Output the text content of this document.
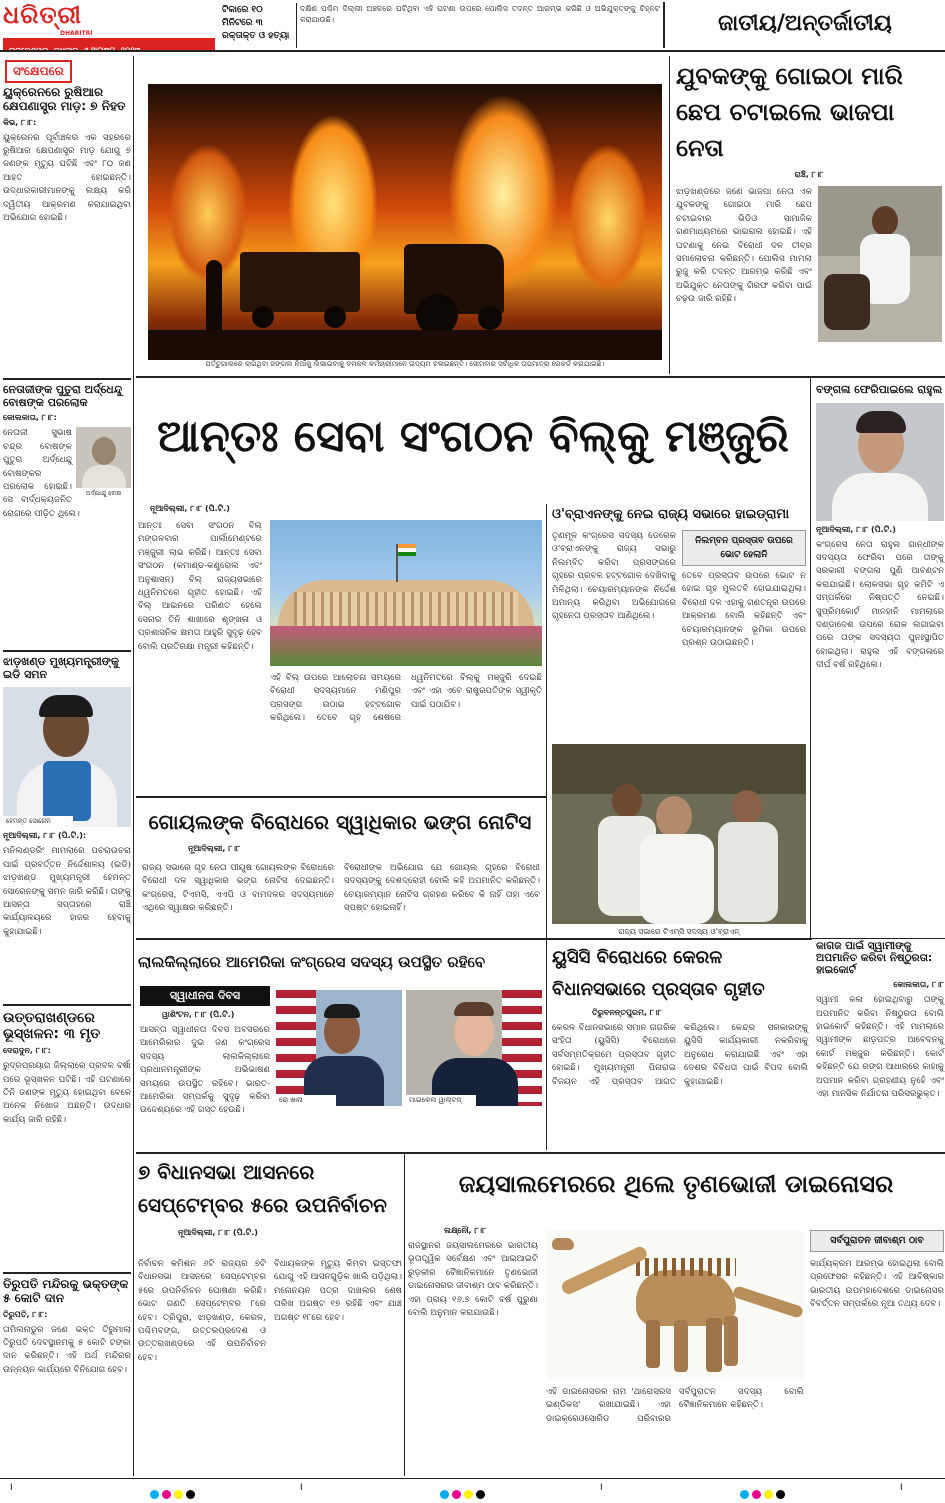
ଧରିତ୍ରୀ
DHARITRI
ଟିକାରେ ୧୦ ମିନିଟରେ ୩ ରକ୍ତାକ୍ତ ଓ ହତ୍ୟା
ଦକ୍ଷିଣ ପଶ୍ଚିମ ଦିଲ୍ଲୀ ଅଞ୍ଚଳରେ ଘଟିଥିବା ଏହି ଘଟଣା ଉପରେ ପୋଲିସ ତଦନ୍ତ ଆରମ୍ଭ କରିଛି ଓ ଅଭିଯୁକ୍ତଙ୍କୁ ଚିହ୍ନଟ କରାଯାଉଛି।	ଜାତୀୟ/ଅନ୍ତର୍ଜାତୀୟ
ସଂକ୍ଷେପରେ
ୟୁକ୍ରେନରେ ରୁଷିଆର କ୍ଷେପଣାସ୍ତ୍ର ମାଡ଼: ୭ ନିହତ
କିଭ, ୮।୮:
ୟୁକ୍ରେନର ପୂର୍ବାଞ୍ଚଳର ଏକ ସହରରେ ରୁଷିଆର କ୍ଷେପଣାସ୍ତ୍ର ମାଡ଼ ଯୋଗୁ ୭ ଜଣଙ୍କ ମୃତ୍ୟୁ ଘଟିଛି ଏବଂ ୮୦ ଜଣ ଆହତ ହୋଇଛନ୍ତି। ଉଦ୍ଧାରକାରୀମାନଙ୍କୁ ଲକ୍ଷ୍ୟ କରି ଦ୍ୱିତୀୟ ଆକ୍ରମଣ କରାଯାଇଥିବା ଅଭିଯୋଗ ହୋଇଛି।
ନେତାଜୀଙ୍କ ପୁତୁରା ଅର୍ଦ୍ଧେନ୍ଦୁ ବୋଷଙ୍କ ପରଲୋକ
କୋଲକାତା, ୮।୮:
ଅର୍ଦ୍ଧେନ୍ଦୁ ବୋଷ
ନେତାଜୀ ସୁଭାଷ ଚନ୍ଦ୍ର ବୋଷଙ୍କ ପୁତୁରା ଅର୍ଦ୍ଧେନ୍ଦୁ ବୋଷଙ୍କର ପରଲୋକ ହୋଇଛି। ସେ ବାର୍ଦ୍ଧକ୍ୟଜନିତ ରୋଗରେ ପୀଡ଼ିତ ଥିଲେ।
ଝାଡ଼ଖଣ୍ଡ ମୁଖ୍ୟମନ୍ତ୍ରୀଙ୍କୁ ଇଡି ସମନ
ହେମନ୍ତ ସୋରେନ
ନୂଆଦିଲ୍ଲୀ, ୮।୮ (ପି.ଟି.):
ମନିଲଣ୍ଡରିଂ ମାମଲାରେ ପଚରାଉଚରା ପାଇଁ ପ୍ରବର୍ତ୍ତନ ନିର୍ଦ୍ଦେଶାଳୟ (ଇଡି) ଝାଡ଼ଖଣ୍ଡ ମୁଖ୍ୟମନ୍ତ୍ରୀ ହେମନ୍ତ ସୋରେନଙ୍କୁ ସମନ ଜାରି କରିଛି। ତାଙ୍କୁ ଆସନ୍ତା ସପ୍ତାହରେ ରାଞ୍ଚି କାର୍ଯ୍ୟାଳୟରେ ହାଜର ହେବାକୁ କୁହାଯାଇଛି।
ଉତ୍ତରାଖଣ୍ଡରେ ଭୂସ୍ଖଳନ: ୩ ମୃତ
ଦେରାଦୁନ, ୮।୮:
ରୁଦ୍ରପ୍ରୟାଗ ଜିଲ୍ଲାରେ ପ୍ରବଳ ବର୍ଷା ପରେ ଭୂସ୍ଖଳନ ଘଟିଛି। ଏହି ଘଟଣାରେ ତିନି ଜଣଙ୍କ ମୃତ୍ୟୁ ହୋଇଥିବା ବେଳେ ଅନେକ ନିଖୋଜ ଅଛନ୍ତି। ଉଦ୍ଧାର କାର୍ଯ୍ୟ ଜାରି ରହିଛି।
ତିରୁପତି ମନ୍ଦିରକୁ ଭକ୍ତଙ୍କ ୫ କୋଟି ଦାନ
ତିରୁପତି, ୮।୮:
ତାମିଲନାଡୁର ଜଣେ ଭକ୍ତ ତିରୁମାଲା ତିରୁପତି ଦେବସ୍ଥାନମକୁ ୫ କୋଟି ଟଙ୍କା ଦାନ କରିଛନ୍ତି। ଏହି ଅର୍ଥ ମନ୍ଦିରର ଉନ୍ନୟନ କାର୍ଯ୍ୟରେ ବିନିଯୋଗ ହେବ।
ପର୍ତ୍ତୁଗାଲରେ ଲାଗିଥିବା ଜଙ୍ଗଲ ନିଆଁକୁ ଲିଭାଇବାକୁ ଦମକଳ କର୍ମଚାରୀମାନେ ଉଦ୍ୟମ ଚଳାଇଛନ୍ତି। ସୋମବାର ସର୍ବାଧିକ ତାପମାତ୍ରା ରେକର୍ଡ କରାଯାଇଛି।
ଯୁବକଙ୍କୁ ଗୋଇଠା ମାରି ଛେପ ଚଟାଇଲେ ଭାଜପା ନେତା
ରାଞ୍ଚି, ୮।୮
ଝାଡ଼ଖଣ୍ଡରେ ଜଣେ ଭାଜପା ନେତା ଏକ ଯୁବକଙ୍କୁ ଗୋଇଠା ମାରି ଛେପ ଚଟାଇବାର ଭିଡିଓ ସାମାଜିକ ଗଣମାଧ୍ୟମରେ ଭାଇରାଲ ହୋଇଛି। ଏହି ଘଟଣାକୁ ନେଇ ବିରୋଧୀ ଦଳ ତୀବ୍ର ସମାଲୋଚନା କରିଛନ୍ତି। ପୋଲିସ ମାମଲା ରୁଜୁ କରି ତଦନ୍ତ ଆରମ୍ଭ କରିଛି ଏବଂ ଅଭିଯୁକ୍ତ ନେତାଙ୍କୁ ଗିରଫ କରିବା ପାଇଁ ଚଢ଼ଉ ଜାରି ରହିଛି।
ଆନ୍ତଃ ସେବା ସଂଗଠନ ବିଲ୍‌କୁ ମଞ୍ଜୁରି
ବଙ୍ଗଳା ଫେରିପାଇଲେ ରାହୁଲ
ନୂଆଦିଲ୍ଲୀ, ୮।୮ (ପି.ଟି.)
କଂଗ୍ରେସ ନେତା ରାହୁଲ ଗାନ୍ଧୀଙ୍କ ସଦସ୍ୟତା ଫେରିବା ପରେ ତାଙ୍କୁ ସରକାରୀ ବଙ୍ଗଳା ପୁଣି ଆବଣ୍ଟନ କରାଯାଇଛି। ଲୋକସଭା ଗୃହ କମିଟି ଏ ସମ୍ପର୍କରେ ନିଷ୍ପତ୍ତି ନେଇଛି। ସୁପ୍ରିମକୋର୍ଟ ମାନହାନି ମାମଲାରେ ଦଣ୍ଡାଦେଶ ଉପରେ ରୋକ ଲଗାଇବା ପରେ ତାଙ୍କ ସଦସ୍ୟତା ପୁନଃସ୍ଥାପିତ ହୋଇଥିଲା। ରାହୁଲ ଏହି ବଙ୍ଗଳାରେ ଦୀର୍ଘ ବର୍ଷ ରହିଥିଲେ।
ନୂଆଦିଲ୍ଲୀ, ୮।୮ (ପି.ଟି.)
ଆନ୍ତଃ ସେବା ସଂଗଠନ ବିଲ୍ ମଙ୍ଗଳବାର ପାର୍ଲାମେଣ୍ଟରେ ମଞ୍ଜୁରୀ ଲାଭ କରିଛି। ଆନ୍ତଃ ସେବା ସଂଗଠନ (କମାଣ୍ଡ-କଣ୍ଟ୍ରୋଲ ଏବଂ ଅନୁଶାସନ) ବିଲ୍ ରାଜ୍ୟସଭାରେ ଧ୍ୱନିମତରେ ଗୃହୀତ ହୋଇଛି। ଏହି ବିଲ୍ ଆଇନରେ ପରିଣତ ହେଲେ ସେନାର ତିନି ଶାଖାରେ ଶୃଙ୍ଖଳା ଓ ପ୍ରଶାସନିକ କ୍ଷମତା ଆହୁରି ସୁଦୃଢ଼ ହେବ ବୋଲି ପ୍ରତିରକ୍ଷା ମନ୍ତ୍ରୀ କହିଛନ୍ତି।
ଏହି ବିଲ୍ ଉପରେ ଆଲୋଚନା ସମୟରେ ବିରୋଧୀ ସଦସ୍ୟମାନେ ମଣିପୁର ପ୍ରସଙ୍ଗ ଉଠାଇ ହଟ୍ଟଗୋଳ କରିଥିଲେ। ତେବେ ଗୃହ ଶେଷରେ ଧ୍ୱନିମତରେ ବିଲ୍‌କୁ ମଞ୍ଜୁରି ଦେଇଛି ଏବଂ ଏହା ଏବେ ରାଷ୍ଟ୍ରପତିଙ୍କ ସ୍ୱୀକୃତି ପାଇଁ ପଠାଯିବ।
ଓ'ବ୍ରାଏନଙ୍କୁ ନେଇ ରାଜ୍ୟ ସଭାରେ ହାଇଡ୍ରାମା
ତୃଣମୂଳ କଂଗ୍ରେସ ସଦସ୍ୟ ଡେରେକ ଓ'ବ୍ରାଏନଙ୍କୁ ରାଜ୍ୟ ସଭାରୁ ନିଲମ୍ବିତ କରିବା ପ୍ରସଙ୍ଗରେ ଗୃହରେ ପ୍ରବଳ ହଟ୍ଟଗୋଳ ଦେଖିବାକୁ ମିଳିଥିଲା। ଚେୟାରମ୍ୟାନଙ୍କ ନିର୍ଦ୍ଦେଶ ଅମାନ୍ୟ କରିଥିବା ଅଭିଯୋଗରେ ଗୃହନେତା ପ୍ରସ୍ତାବ ଆଣିଥିଲେ।
ନିଲମ୍ବନ ପ୍ରସ୍ତାବ ଉପରେ ଭୋଟ ହେଲାନି
ତେବେ ପ୍ରସ୍ତାବ ଉପରେ ଭୋଟ ନ ହୋଇ ଗୃହ ମୁଲତବି ହୋଇଯାଇଥିଲା। ବିରୋଧୀ ଦଳ ଏହାକୁ ଗଣତନ୍ତ୍ର ଉପରେ ଆକ୍ରମଣ ବୋଲି କହିଛନ୍ତି ଏବଂ ଚେୟାରମ୍ୟାନଙ୍କ ଭୂମିକା ଉପରେ ପ୍ରଶ୍ନ ଉଠାଇଛନ୍ତି।
ରାଜ୍ୟ ସଭାରେ ଟିଏମ୍‌ସି ସଦସ୍ୟ ଓ'ବ୍ରାଏନ୍
ଗୋୟଲଙ୍କ ବିରୋଧରେ ସ୍ୱାଧିକାର ଭଙ୍ଗ ନୋଟିସ
ନୂଆଦିଲ୍ଲୀ, ୮।୮
ରାଜ୍ୟ ସଭାରେ ଗୃହ ନେତା ପୀୟୂଷ ଗୋୟଲଙ୍କ ବିରୋଧରେ ବିରୋଧୀ ଦଳ ସ୍ୱାଧିକାର ଭଙ୍ଗ ନୋଟିସ ଦେଇଛନ୍ତି। କଂଗ୍ରେସ, ଟିଏମସି, ଏଏପି ଓ ବାମଦଳର ସଦସ୍ୟମାନେ ଏଥିରେ ସ୍ୱାକ୍ଷର କରିଛନ୍ତି।
ବିରୋଧୀଙ୍କ ଅଭିଯୋଗ ଯେ ଗୋୟଲ ଗୃହରେ ବିରୋଧୀ ସଦସ୍ୟଙ୍କୁ ଦେଶଦ୍ରୋହୀ ବୋଲି କହି ଅପମାନିତ କରିଛନ୍ତି। ଚେୟାରମ୍ୟାନ ନୋଟିସ ଗ୍ରହଣ କରିବେ କି ନାହିଁ ତାହା ଏବେ ସ୍ପଷ୍ଟ ହୋଇନାହିଁ।
କାଗଜ ପାଇଁ ସ୍ୱାମୀଙ୍କୁ ଅପମାନିତ କରିବା ନିଷ୍ଠୁରତା: ହାଇକୋର୍ଟ
କୋଲକାତା, ୮।୮
ସ୍ୱାମୀ କଳା ହୋଇଥିବାରୁ ତାଙ୍କୁ ଅପମାନିତ କରିବା ନିଷ୍ଠୁରତା ବୋଲି ହାଇକୋର୍ଟ କହିଛନ୍ତି। ଏହି ମାମଲାରେ ସ୍ୱାମୀଙ୍କ ଛାଡ଼ପତ୍ର ଆବେଦନକୁ କୋର୍ଟ ମଞ୍ଜୁର କରିଛନ୍ତି। କୋର୍ଟ କହିଛନ୍ତି ଯେ ରଙ୍ଗ ଆଧାରରେ କାହାକୁ ଅପମାନ କରିବା ଗ୍ରହଣୀୟ ନୁହେଁ ଏବଂ ଏହା ମାନସିକ ନିର୍ଯାତନା ପରିସରଭୁକ୍ତ।
ଲାଲକିଲ୍ଲାରେ ଆମେରିକା କଂଗ୍ରେସ ସଦସ୍ୟ ଉପସ୍ଥିତ ରହିବେ
ସ୍ୱାଧୀନତା ଦିବସ
ୱାଶିଂଟନ, ୮।୮ (ପି.ଟି.)
ଆସନ୍ତା ସ୍ୱାଧୀନତା ଦିବସ ଅବସରରେ ଆମେରିକାର ଦୁଇ ଜଣ କଂଗ୍ରେସ ସଦସ୍ୟ ଲାଲକିଲ୍ଲାରେ ପ୍ରଧାନମନ୍ତ୍ରୀଙ୍କ ଅଭିଭାଷଣ ସମୟରେ ଉପସ୍ଥିତ ରହିବେ। ଭାରତ-ଆମେରିକା ସମ୍ପର୍କକୁ ସୁଦୃଢ଼ କରିବା ଉଦ୍ଦେଶ୍ୟରେ ଏହି ଗସ୍ତ ହେଉଛି।
ରୋ ଖାନା	ମାଇକେଲ ୱାଲ୍ଟଜ୍
ୟୁସିସି ବିରୋଧରେ କେରଳ ବିଧାନସଭାରେ ପ୍ରସ୍ତାବ ଗୃହୀତ
ତିରୁବନନ୍ତପୁରମ, ୮।୮
କେରଳ ବିଧାନସଭାରେ ସମାନ ନାଗରିକ ସଂହିତା (ୟୁସିସି) ବିରୋଧରେ ସର୍ବସମ୍ମତିକ୍ରମେ ପ୍ରସ୍ତାବ ଗୃହୀତ ହୋଇଛି। ମୁଖ୍ୟମନ୍ତ୍ରୀ ପିନାରାଇ ବିଜୟନ ଏହି ପ୍ରସ୍ତାବ ଆଗତ କରିଥିଲେ। କେନ୍ଦ୍ର ସରକାରଙ୍କୁ ୟୁସିସି କାର୍ଯ୍ୟକାରୀ ନକରିବାକୁ ଅନୁରୋଧ କରାଯାଇଛି ଏବଂ ଏହା ଦେଶର ବିବିଧତା ପାଇଁ ବିପଦ ବୋଲି କୁହାଯାଇଛି।
୭ ବିଧାନସଭା ଆସନରେ ସେପ୍ଟେମ୍ବର ୫ରେ ଉପନିର୍ବାଚନ
ନୂଆଦିଲ୍ଲୀ, ୮।୮ (ପି.ଟି.)
ନିର୍ବାଚନ କମିଶନ ୬ଟି ରାଜ୍ୟର ୭ଟି ବିଧାନସଭା ଆସନରେ ସେପ୍ଟେମ୍ବର ୫ରେ ଉପନିର୍ବାଚନ ଘୋଷଣା କରିଛି। ଭୋଟ ଗଣତି ସେପ୍ଟେମ୍ବର ୮ରେ ହେବ। ତ୍ରିପୁରା, ଝାଡ଼ଖଣ୍ଡ, କେରଳ, ପଶ୍ଚିମବଙ୍ଗ, ଉତ୍ତରପ୍ରଦେଶ ଓ ଉତ୍ତରାଖଣ୍ଡରେ ଏହି ଉପନିର୍ବାଚନ ହେବ।
ବିଧାୟକଙ୍କ ମୃତ୍ୟୁ କିମ୍ବା ଇସ୍ତଫା ଯୋଗୁ ଏହି ଆସନଗୁଡ଼ିକ ଖାଲି ପଡ଼ିଥିଲା। ମନୋନୟନ ପତ୍ର ଦାଖଲର ଶେଷ ତାରିଖ ଅଗଷ୍ଟ ୧୭ ରହିଛି ଏବଂ ଯାଞ୍ଚ ଅଗଷ୍ଟ ୧୮ରେ ହେବ।
ଜୟସାଲମେରରେ ଥିଲେ ତୃଣଭୋଜୀ ଡାଇନୋସର
ଲକ୍ଷ୍ନୌ, ୮।୮
ରାଜସ୍ଥାନର ଜୟସାଲମେରରେ ଭାରତୀୟ ଭୂତାତ୍ତ୍ୱିକ ସର୍ବେକ୍ଷଣ ଏବଂ ଆଇଆଇଟି ରୁଡ଼କୀର ବୈଜ୍ଞାନିକମାନେ ତୃଣଭୋଜୀ ଡାଇନୋସରର ଜୀବାଶ୍ମ ଠାବ କରିଛନ୍ତି। ଏହା ପ୍ରାୟ ୧୬.୭ କୋଟି ବର୍ଷ ପୁରୁଣା ବୋଲି ଅନୁମାନ କରାଯାଉଛି।
ଏହି ଡାଇନୋସରର ନାମ 'ଥାରୋସରସ ଇଣ୍ଡିକସ' ରଖାଯାଇଛି। ଏହା ଡାଇକ୍ରେଓସୋରିଡ ପରିବାରର ସର୍ବପୁରାତନ ସଦସ୍ୟ ବୋଲି ବୈଜ୍ଞାନିକମାନେ କହିଛନ୍ତି।
ସର୍ବପୁରାତନ ଜୀବାଶ୍ମ ଠାବ
କାର୍ଯ୍ୟକ୍ରମ ଆରମ୍ଭ ହୋଇଥିଲା ବୋଲି ପ୍ରଫେସର କହିଛନ୍ତି। ଏହି ଆବିଷ୍କାର ଭାରତୀୟ ଉପମହାଦେଶରେ ଡାଇନୋସର ବିବର୍ତ୍ତନ ସମ୍ପର୍କରେ ନୂଆ ତଥ୍ୟ ଦେବ।
I	I	I	I
